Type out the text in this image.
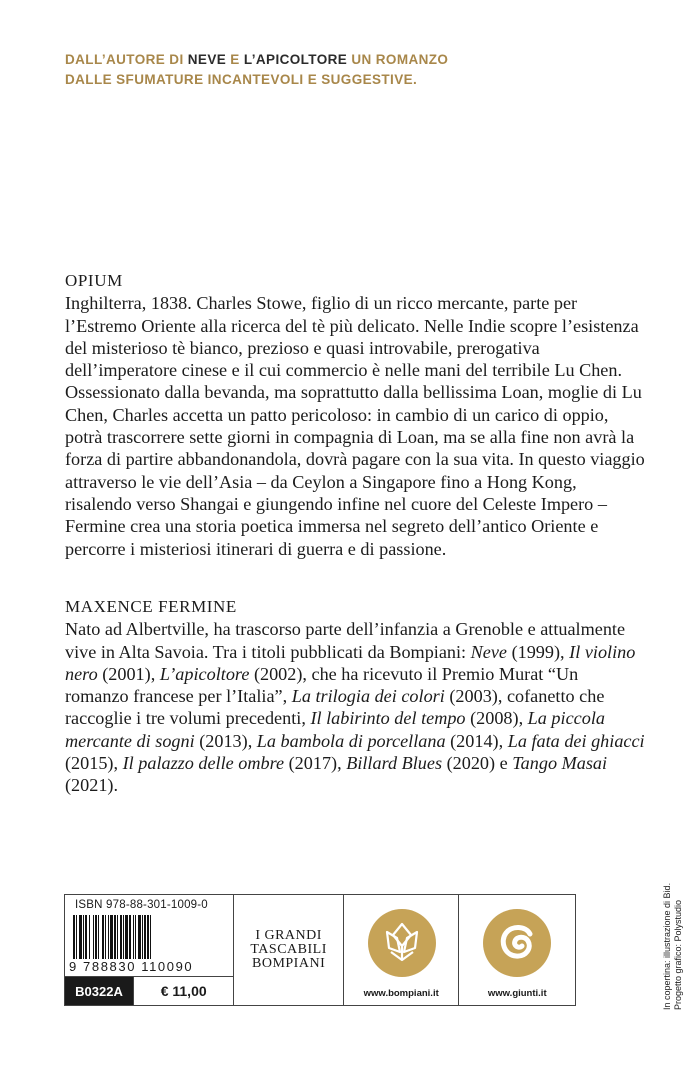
DALL’AUTORE DI NEVE E L’APICOLTORE UN ROMANZO
DALLE SFUMATURE INCANTEVOLI E SUGGESTIVE.
OPIUM

Inghilterra, 1838. Charles Stowe, figlio di un ricco mercante, parte per l’Estremo Oriente alla ricerca del tè più delicato. Nelle Indie scopre l’esistenza del misterioso tè bianco, prezioso e quasi introvabile, prerogativa dell’imperatore cinese e il cui commercio è nelle mani del terribile Lu Chen. Ossessionato dalla bevanda, ma soprattutto dalla bellissima Loan, moglie di Lu Chen, Charles accetta un patto pericoloso: in cambio di un carico di oppio, potrà trascorrere sette giorni in compagnia di Loan, ma se alla fine non avrà la forza di partire abbandonandola, dovrà pagare con la sua vita. In questo viaggio attraverso le vie dell’Asia – da Ceylon a Singapore fino a Hong Kong, risalendo verso Shangai e giungendo infine nel cuore del Celeste Impero – Fermine crea una storia poetica immersa nel segreto dell’antico Oriente e percorre i misteriosi itinerari di guerra e di passione.

MAXENCE FERMINE

Nato ad Albertville, ha trascorso parte dell’infanzia a Grenoble e attualmente vive in Alta Savoia. Tra i titoli pubblicati da Bompiani: Neve (1999), Il violino nero (2001), L’apicoltore (2002), che ha ricevuto il Premio Murat “Un romanzo francese per l’Italia”, La trilogia dei colori (2003), cofanetto che raccoglie i tre volumi precedenti, Il labirinto del tempo (2008), La piccola mercante di sogni (2013), La bambola di porcellana (2014), La fata dei ghiacci (2015), Il palazzo delle ombre (2017), Billard Blues (2020) e Tango Masai (2021).

ISBN 978-88-301-1009-0
9 788830 110090
B0322A	€ 11,00
I GRANDI
TASCABILI
BOMPIANI
www.bompiani.it	www.giunti.it	In copertina: illustrazione di Bid. Progetto grafico: Polystudio
